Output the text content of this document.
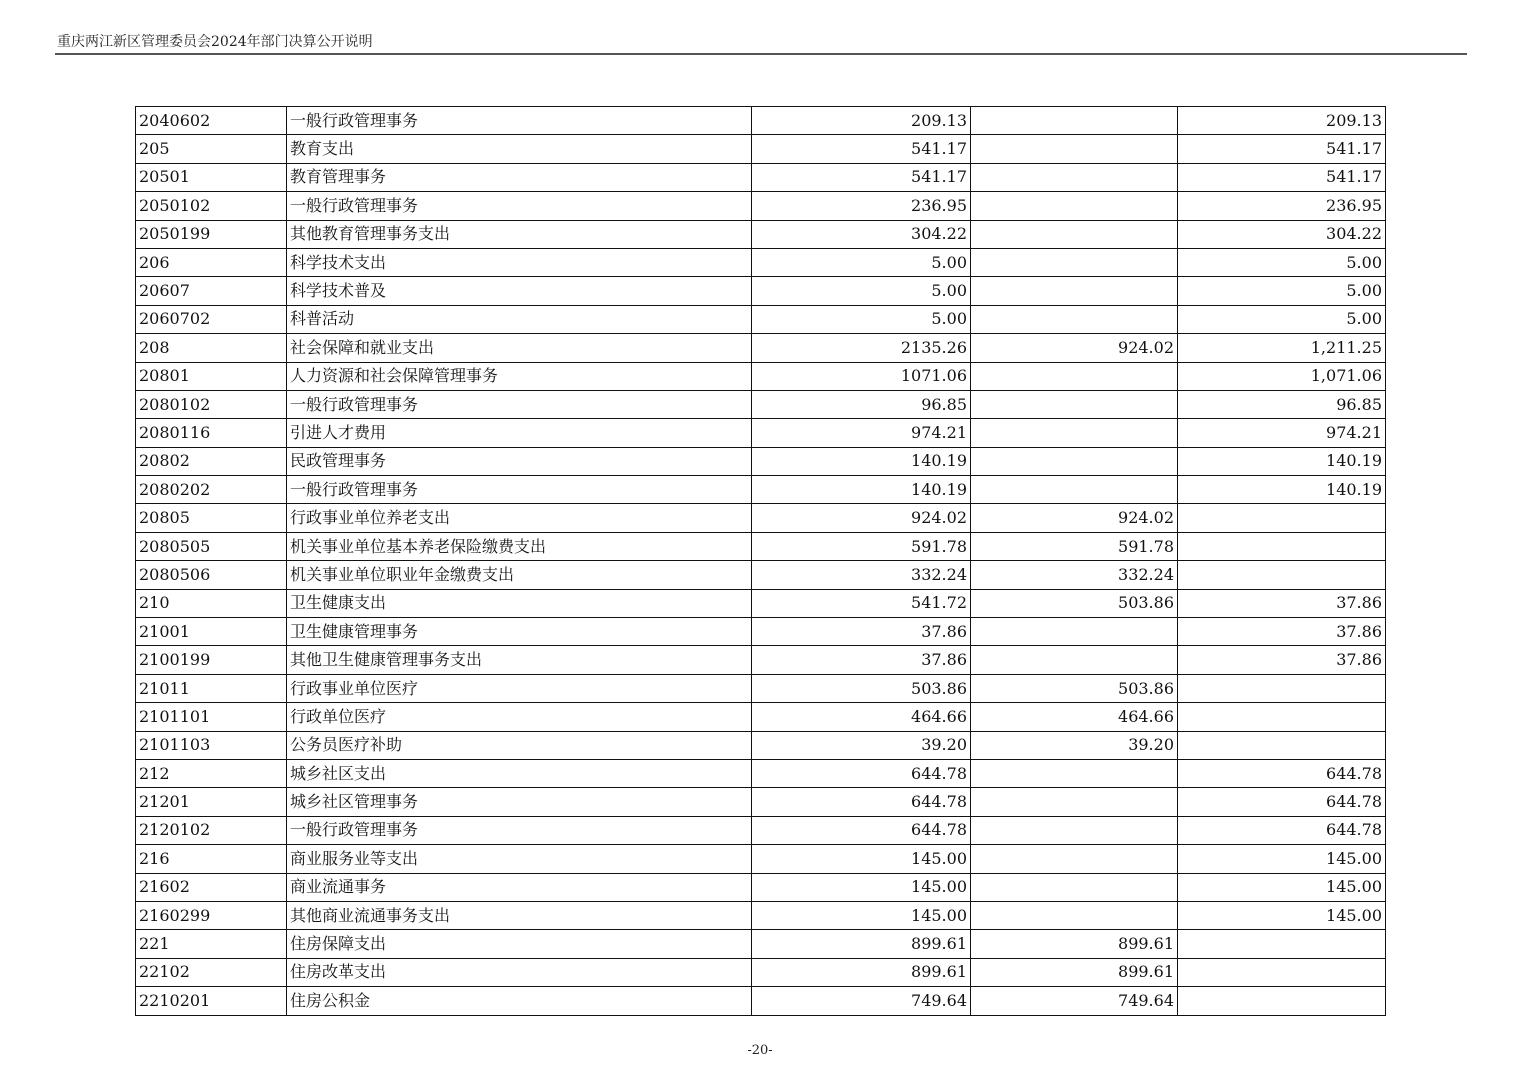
重庆两江新区管理委员会2024年部门决算公开说明
2040602	一般行政管理事务	209.13		209.13
205	教育支出	541.17		541.17
20501	教育管理事务	541.17		541.17
2050102	一般行政管理事务	236.95		236.95
2050199	其他教育管理事务支出	304.22		304.22
206	科学技术支出	5.00		5.00
20607	科学技术普及	5.00		5.00
2060702	科普活动	5.00		5.00
208	社会保障和就业支出	2135.26	924.02	1,211.25
20801	人力资源和社会保障管理事务	1071.06		1,071.06
2080102	一般行政管理事务	96.85		96.85
2080116	引进人才费用	974.21		974.21
20802	民政管理事务	140.19		140.19
2080202	一般行政管理事务	140.19		140.19
20805	行政事业单位养老支出	924.02	924.02	
2080505	机关事业单位基本养老保险缴费支出	591.78	591.78	
2080506	机关事业单位职业年金缴费支出	332.24	332.24	
210	卫生健康支出	541.72	503.86	37.86
21001	卫生健康管理事务	37.86		37.86
2100199	其他卫生健康管理事务支出	37.86		37.86
21011	行政事业单位医疗	503.86	503.86	
2101101	行政单位医疗	464.66	464.66	
2101103	公务员医疗补助	39.20	39.20	
212	城乡社区支出	644.78		644.78
21201	城乡社区管理事务	644.78		644.78
2120102	一般行政管理事务	644.78		644.78
216	商业服务业等支出	145.00		145.00
21602	商业流通事务	145.00		145.00
2160299	其他商业流通事务支出	145.00		145.00
221	住房保障支出	899.61	899.61	
22102	住房改革支出	899.61	899.61	
2210201	住房公积金	749.64	749.64	
-20-
